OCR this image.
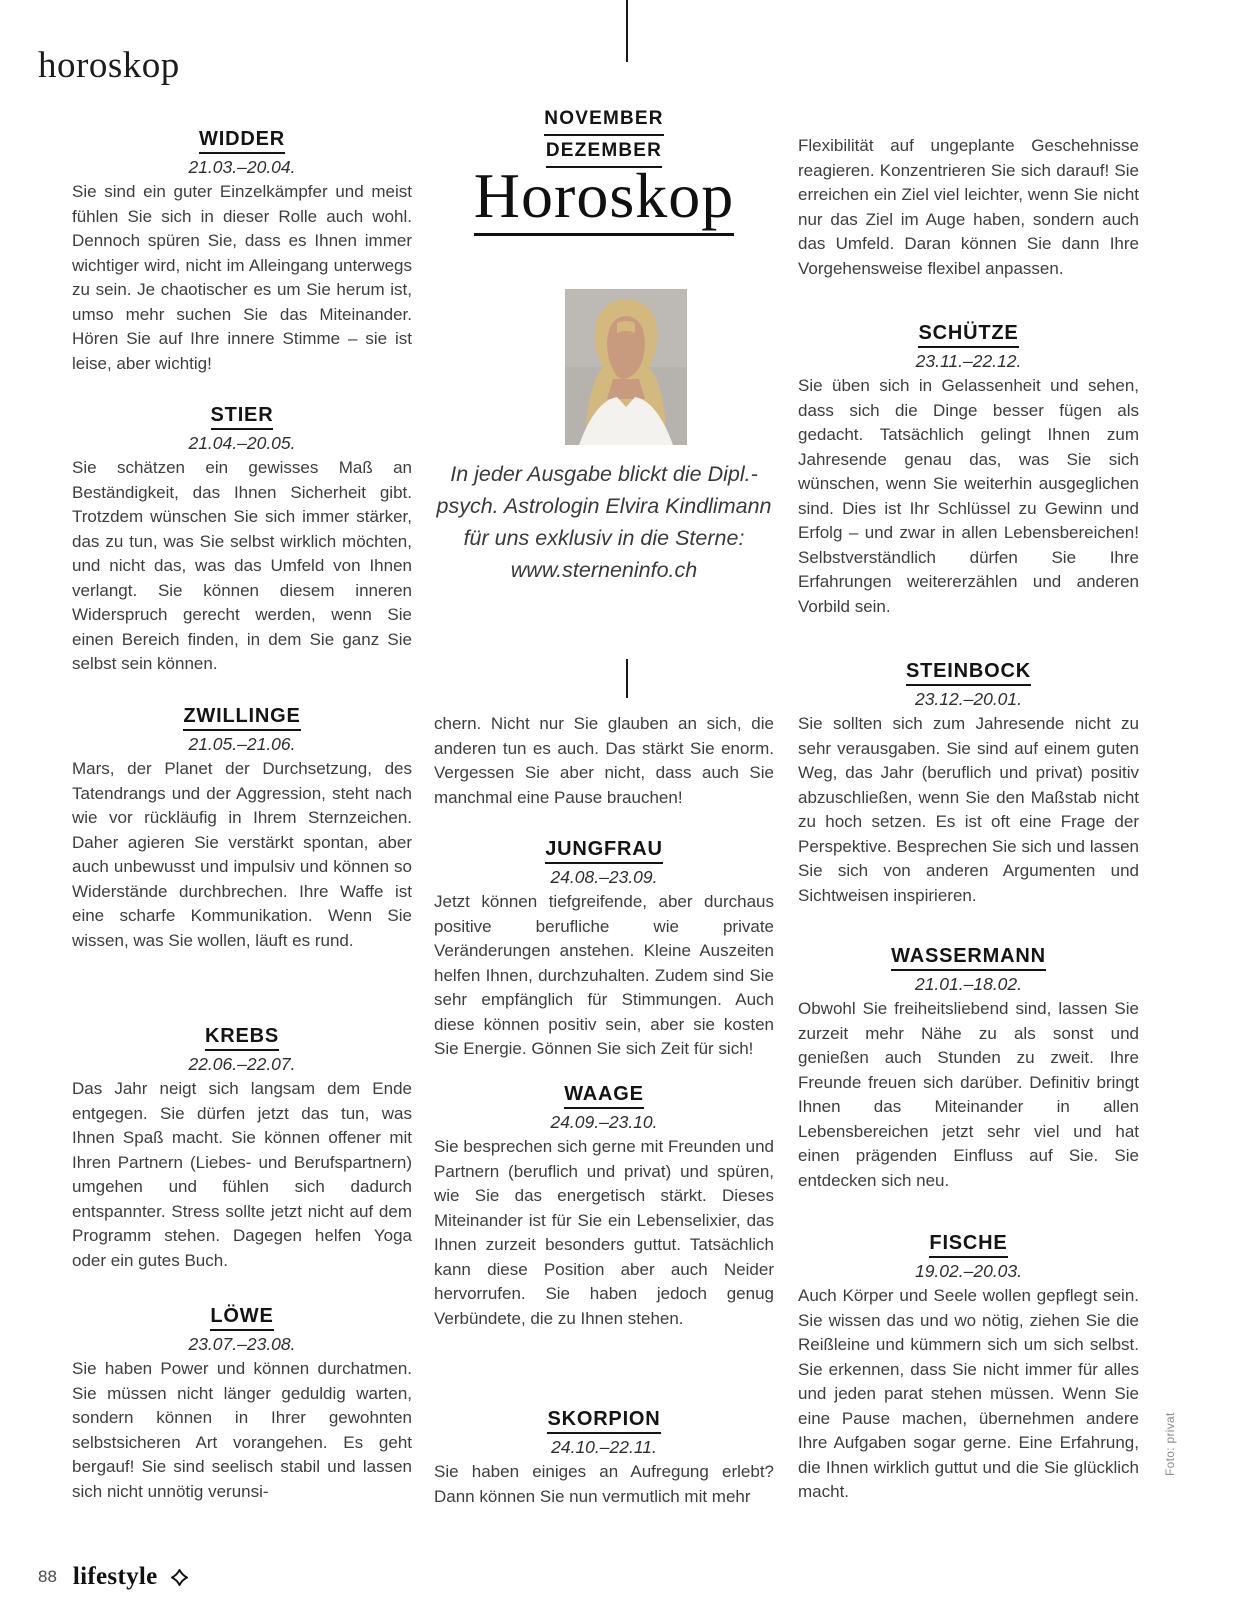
horoskop
NOVEMBER
DEZEMBER
Horoskop
In jeder Ausgabe blickt die Dipl.-psych. Astrologin Elvira Kindlimann für uns exklusiv in die Sterne: www.sterneninfo.ch
WIDDER
21.03.–20.04.

Sie sind ein guter Einzelkämpfer und meist fühlen Sie sich in dieser Rolle auch wohl. Dennoch spüren Sie, dass es Ihnen immer wichtiger wird, nicht im Alleingang unterwegs zu sein. Je chaotischer es um Sie herum ist, umso mehr suchen Sie das Miteinander. Hören Sie auf Ihre innere Stimme – sie ist leise, aber wichtig!

STIER
21.04.–20.05.

Sie schätzen ein gewisses Maß an Beständigkeit, das Ihnen Sicherheit gibt. Trotzdem wünschen Sie sich immer stärker, das zu tun, was Sie selbst wirklich möchten, und nicht das, was das Umfeld von Ihnen verlangt. Sie können diesem inneren Widerspruch gerecht werden, wenn Sie einen Bereich finden, in dem Sie ganz Sie selbst sein können.

ZWILLINGE
21.05.–21.06.

Mars, der Planet der Durchsetzung, des Tatendrangs und der Aggression, steht nach wie vor rückläufig in Ihrem Sternzeichen. Daher agieren Sie verstärkt spontan, aber auch unbewusst und impulsiv und können so Widerstände durchbrechen. Ihre Waffe ist eine scharfe Kommunikation. Wenn Sie wissen, was Sie wollen, läuft es rund.

KREBS
22.06.–22.07.

Das Jahr neigt sich langsam dem Ende entgegen. Sie dürfen jetzt das tun, was Ihnen Spaß macht. Sie können offener mit Ihren Partnern (Liebes- und Berufspartnern) umgehen und fühlen sich dadurch entspannter. Stress sollte jetzt nicht auf dem Programm stehen. Dagegen helfen Yoga oder ein gutes Buch.

LÖWE
23.07.–23.08.

Sie haben Power und können durchatmen. Sie müssen nicht länger geduldig warten, sondern können in Ihrer gewohnten selbstsicheren Art vorangehen. Es geht bergauf! Sie sind seelisch stabil und lassen sich nicht unnötig verunsi-

chern. Nicht nur Sie glauben an sich, die anderen tun es auch. Das stärkt Sie enorm. Vergessen Sie aber nicht, dass auch Sie manchmal eine Pause brauchen!

JUNGFRAU
24.08.–23.09.

Jetzt können tiefgreifende, aber durchaus positive berufliche wie private Veränderungen anstehen. Kleine Auszeiten helfen Ihnen, durchzuhalten. Zudem sind Sie sehr empfänglich für Stimmungen. Auch diese können positiv sein, aber sie kosten Sie Energie. Gönnen Sie sich Zeit für sich!

WAAGE
24.09.–23.10.

Sie besprechen sich gerne mit Freunden und Partnern (beruflich und privat) und spüren, wie Sie das energetisch stärkt. Dieses Miteinander ist für Sie ein Lebenselixier, das Ihnen zurzeit besonders guttut. Tatsächlich kann diese Position aber auch Neider hervorrufen. Sie haben jedoch genug Verbündete, die zu Ihnen stehen.

SKORPION
24.10.–22.11.

Sie haben einiges an Aufregung erlebt? Dann können Sie nun vermutlich mit mehr

Flexibilität auf ungeplante Geschehnisse reagieren. Konzentrieren Sie sich darauf! Sie erreichen ein Ziel viel leichter, wenn Sie nicht nur das Ziel im Auge haben, sondern auch das Umfeld. Daran können Sie dann Ihre Vorgehensweise flexibel anpassen.

SCHÜTZE
23.11.–22.12.

Sie üben sich in Gelassenheit und sehen, dass sich die Dinge besser fügen als gedacht. Tatsächlich gelingt Ihnen zum Jahresende genau das, was Sie sich wünschen, wenn Sie weiterhin ausgeglichen sind. Dies ist Ihr Schlüssel zu Gewinn und Erfolg – und zwar in allen Lebensbereichen! Selbstverständlich dürfen Sie Ihre Erfahrungen weitererzählen und anderen Vorbild sein.

STEINBOCK
23.12.–20.01.

Sie sollten sich zum Jahresende nicht zu sehr verausgaben. Sie sind auf einem guten Weg, das Jahr (beruflich und privat) positiv abzuschließen, wenn Sie den Maßstab nicht zu hoch setzen. Es ist oft eine Frage der Perspektive. Besprechen Sie sich und lassen Sie sich von anderen Argumenten und Sichtweisen inspirieren.

WASSERMANN
21.01.–18.02.

Obwohl Sie freiheitsliebend sind, lassen Sie zurzeit mehr Nähe zu als sonst und genießen auch Stunden zu zweit. Ihre Freunde freuen sich darüber. Definitiv bringt Ihnen das Miteinander in allen Lebensbereichen jetzt sehr viel und hat einen prägenden Einfluss auf Sie. Sie entdecken sich neu.

FISCHE
19.02.–20.03.

Auch Körper und Seele wollen gepflegt sein. Sie wissen das und wo nötig, ziehen Sie die Reißleine und kümmern sich um sich selbst. Sie erkennen, dass Sie nicht immer für alles und jeden parat stehen müssen. Wenn Sie eine Pause machen, übernehmen andere Ihre Aufgaben sogar gerne. Eine Erfahrung, die Ihnen wirklich guttut und die Sie glücklich macht.

Foto: privat
88 lifestyle
